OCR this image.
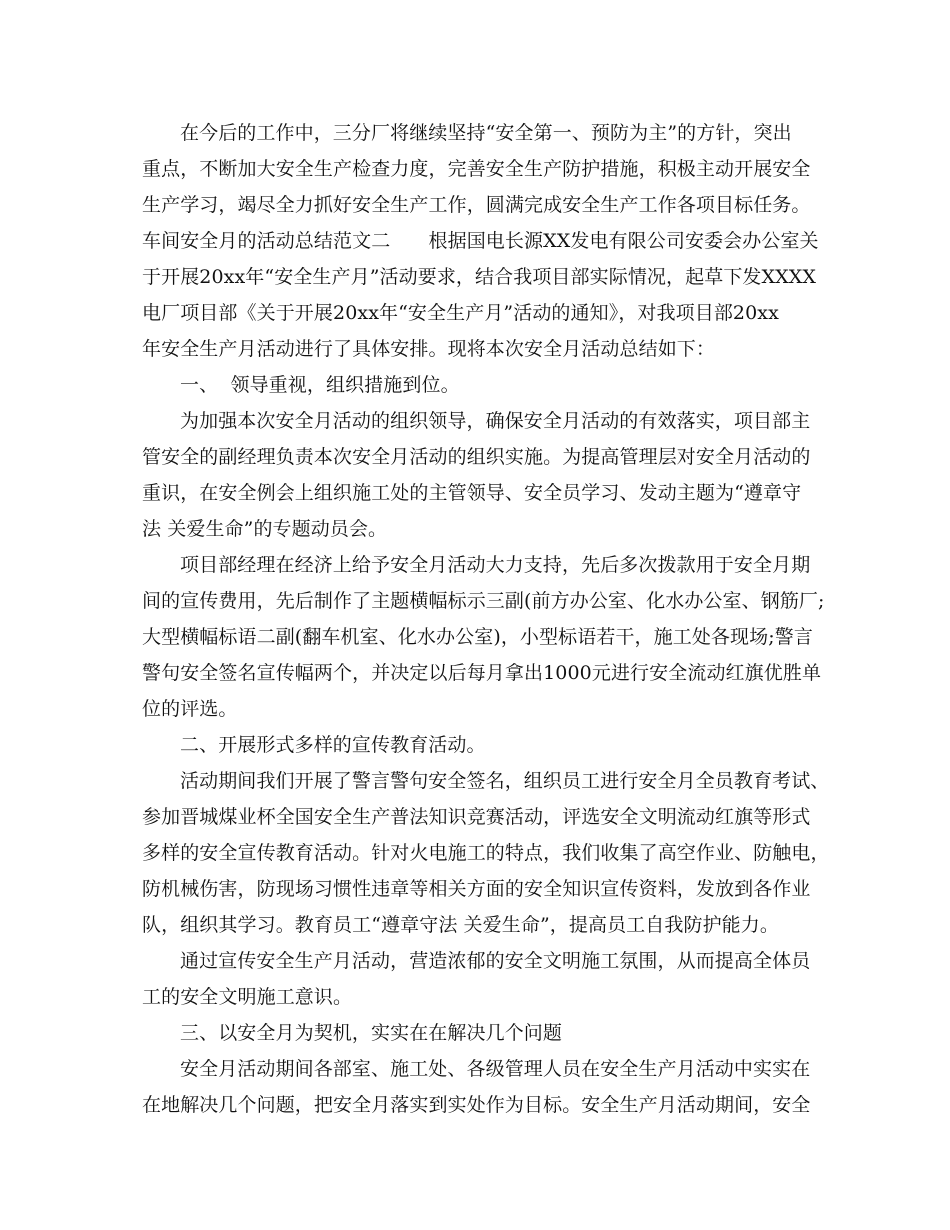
在今后的工作中，三分厂将继续坚持“安全第一、预防为主”的方针，突出
重点，不断加大安全生产检查力度，完善安全生产防护措施，积极主动开展安全
生产学习，竭尽全力抓好安全生产工作，圆满完成安全生产工作各项目标任务。
车间安全月的活动总结范文二　　根据国电长源XX发电有限公司安委会办公室关
于开展20xx年“安全生产月”活动要求，结合我项目部实际情况，起草下发XXXX
电厂项目部《关于开展20xx年“安全生产月”活动的通知》，对我项目部20xx
年安全生产月活动进行了具体安排。现将本次安全月活动总结如下：
一、  领导重视，组织措施到位。
为加强本次安全月活动的组织领导，确保安全月活动的有效落实，项目部主
管安全的副经理负责本次安全月活动的组织实施。为提高管理层对安全月活动的
重识，在安全例会上组织施工处的主管领导、安全员学习、发动主题为“遵章守
法 关爱生命”的专题动员会。
项目部经理在经济上给予安全月活动大力支持，先后多次拨款用于安全月期
间的宣传费用，先后制作了主题横幅标示三副(前方办公室、化水办公室、钢筋厂;
大型横幅标语二副(翻车机室、化水办公室)，小型标语若干，施工处各现场;警言
警句安全签名宣传幅两个，并决定以后每月拿出1000元进行安全流动红旗优胜单
位的评选。
二、开展形式多样的宣传教育活动。
活动期间我们开展了警言警句安全签名，组织员工进行安全月全员教育考试、
参加晋城煤业杯全国安全生产普法知识竞赛活动，评选安全文明流动红旗等形式
多样的安全宣传教育活动。针对火电施工的特点，我们收集了高空作业、防触电，
防机械伤害，防现场习惯性违章等相关方面的安全知识宣传资料，发放到各作业
队，组织其学习。教育员工“遵章守法 关爱生命”，提高员工自我防护能力。
通过宣传安全生产月活动，营造浓郁的安全文明施工氛围，从而提高全体员
工的安全文明施工意识。
三、以安全月为契机，实实在在解决几个问题
安全月活动期间各部室、施工处、各级管理人员在安全生产月活动中实实在
在地解决几个问题，把安全月落实到实处作为目标。安全生产月活动期间，安全
